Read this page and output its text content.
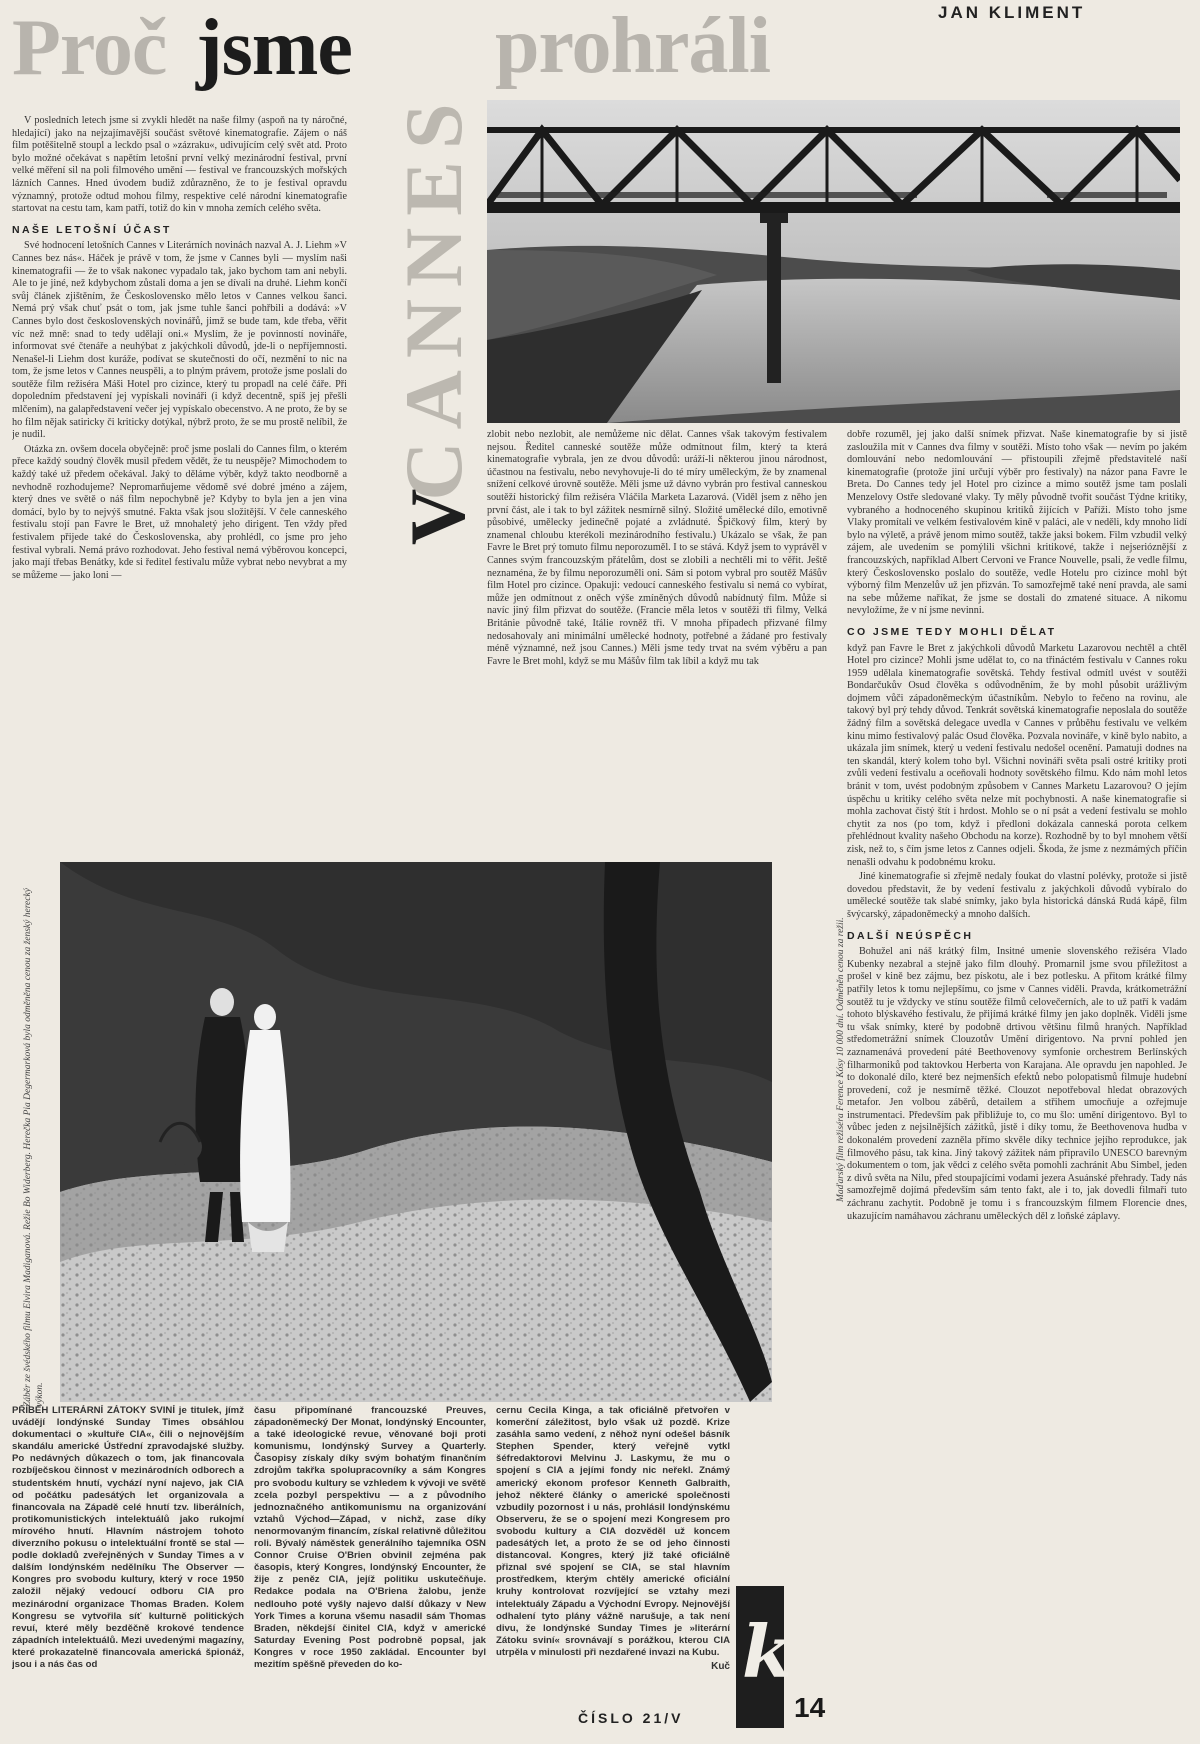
JAN KLIMENT
Proč jsme prohráli
CANNES
V

V posledních letech jsme si zvykli hledět na naše filmy (aspoň na ty náročné, hledající) jako na nejzajímavější součást světové kinematografie. Zájem o náš film potěšitelně stoupl a leckdo psal o »zázraku«, udivujícím celý svět atd. Proto bylo možné očekávat s napětím letošní první velký mezinárodní festival, první velké měření sil na poli filmového umění — festival ve francouzských mořských lázních Cannes. Hned úvodem budiž zdůrazněno, že to je festival opravdu významný, protože odtud mohou filmy, respektive celé národní kinematografie startovat na cestu tam, kam patří, totiž do kin v mnoha zemích celého světa.

NAŠE LETOŠNÍ ÚČAST

Své hodnocení letošních Cannes v Literárních novinách nazval A. J. Liehm »V Cannes bez nás«. Háček je právě v tom, že jsme v Cannes byli — myslím naši kinematografii — že to však nakonec vypadalo tak, jako bychom tam ani nebyli. Ale to je jiné, než kdybychom zůstali doma a jen se dívali na druhé. Liehm končí svůj článek zjištěním, že Československo mělo letos v Cannes velkou šanci. Nemá prý však chuť psát o tom, jak jsme tuhle šanci pohřbili a dodává: »V Cannes bylo dost československých novinářů, jimž se bude tam, kde třeba, věřit víc než mně: snad to tedy udělají oni.« Myslím, že je povinností novináře, informovat své čtenáře a neuhýbat z jakýchkoli důvodů, jde-li o nepříjemnosti. Nenašel-li Liehm dost kuráže, podívat se skutečnosti do očí, nezmění to nic na tom, že jsme letos v Cannes neuspěli, a to plným právem, protože jsme poslali do soutěže film režiséra Máši Hotel pro cizince, který tu propadl na celé čáře. Při dopoledním představení jej vypískali novináři (i když decentně, spíš jej přešli mlčením), na galapředstavení večer jej vypískalo obecenstvo. A ne proto, že by se ho film nějak satiricky či kriticky dotýkal, nýbrž proto, že se mu prostě nelíbil, že je nudil.

Otázka zn. ovšem docela obyčejně: proč jsme poslali do Cannes film, o kterém přece každý soudný člověk musil předem vědět, že tu neuspěje? Mimochodem to každý také už předem očekával. Jaký to děláme výběr, když takto neodborně a nevhodně rozhodujeme? Nepromarňujeme vědomě své dobré jméno a zájem, který dnes ve světě o náš film nepochybně je? Kdyby to byla jen a jen vina domácí, bylo by to nejvýš smutné. Fakta však jsou složitější. V čele canneského festivalu stojí pan Favre le Bret, už mnohaletý jeho dirigent. Ten vždy před festivalem přijede také do Československa, aby prohlédl, co jsme pro jeho festival vybrali. Nemá právo rozhodovat. Jeho festival nemá výběrovou koncepci, jako mají třebas Benátky, kde si ředitel festivalu může vybrat nebo nevybrat a my se můžeme — jako loni —

zlobit nebo nezlobit, ale nemůžeme nic dělat. Cannes však takovým festivalem nejsou. Ředitel canneské soutěže může odmítnout film, který ta která kinematografie vybrala, jen ze dvou důvodů: uráží-li některou jinou národnost, účastnou na festivalu, nebo nevyhovuje-li do té míry uměleckým, že by znamenal snížení celkové úrovně soutěže. Měli jsme už dávno vybrán pro festival canneskou soutěží historický film režiséra Vláčila Marketa Lazarová. (Viděl jsem z něho jen první část, ale i tak to byl zážitek nesmírně silný. Složité umělecké dílo, emotivně působivé, umělecky jedinečně pojaté a zvládnuté. Špičkový film, který by znamenal chloubu kterékoli mezinárodního festivalu.) Ukázalo se však, že pan Favre le Bret prý tomuto filmu neporozuměl. I to se stává. Když jsem to vyprávěl v Cannes svým francouzským přátelům, dost se zlobili a nechtěli mi to věřit. Ještě neznaména, že by filmu neporozuměli oni. Sám si potom vybral pro soutěž Mášův film Hotel pro cizince. Opakuji: vedoucí canneského festivalu si nemá co vybírat, může jen odmítnout z oněch výše zmíněných důvodů nabídnutý film. Může si navíc jiný film přizvat do soutěže. (Francie měla letos v soutěži tři filmy, Velká Británie původně také, Itálie rovněž tři. V mnoha případech přizvané filmy nedosahovaly ani minimální umělecké hodnoty, potřebné a žádané pro festivaly méně významné, než jsou Cannes.) Měli jsme tedy trvat na svém výběru a pan Favre le Bret mohl, když se mu Mášův film tak líbil a když mu tak

Maďarský film režiséra Ference Kósy 10 000 dní. Odměněn cenou za režii.

dobře rozuměl, jej jako další snímek přizvat. Naše kinematografie by si jistě zasloužila mít v Cannes dva filmy v soutěži. Místo toho však — nevím po jakém domlouvání nebo nedomlouvání — přistoupili zřejmě představitelé naší kinematografie (protože jiní určují výběr pro festivaly) na názor pana Favre le Breta. Do Cannes tedy jel Hotel pro cizince a mimo soutěž jsme tam poslali Menzelovy Ostře sledované vlaky. Ty měly původně tvořit součást Týdne kritiky, vybraného a hodnoceného skupinou kritiků žijících v Paříži. Místo toho jsme Vlaky promítali ve velkém festivalovém kině v paláci, ale v neděli, kdy mnoho lidí bylo na výletě, a právě jenom mimo soutěž, takže jaksi bokem. Film vzbudil velký zájem, ale uvedením se pomýlili všichni kritikové, takže i nejserióznější z francouzských, například Albert Cervoni ve France Nouvelle, psali, že vedle filmu, který Československo poslalo do soutěže, vedle Hotelu pro cizince mohl být výborný film Menzelův už jen přizván. To samozřejmě také není pravda, ale sami na sebe můžeme naříkat, že jsme se dostali do zmatené situace. A nikomu nevyložíme, že v ní jsme nevinni.

CO JSME TEDY MOHLI DĚLAT

když pan Favre le Bret z jakýchkoli důvodů Marketu Lazarovou nechtěl a chtěl Hotel pro cizince? Mohli jsme udělat to, co na třináctém festivalu v Cannes roku 1959 udělala kinematografie sovětská. Tehdy festival odmítl uvést v soutěži Bondarčukův Osud člověka s odůvodněním, že by mohl působit urážlivým dojmem vůči západoněmeckým účastníkům. Nebylo to řečeno na rovinu, ale takový byl prý tehdy důvod. Tenkrát sovětská kinematografie neposlala do soutěže žádný film a sovětská delegace uvedla v Cannes v průběhu festivalu ve velkém kinu mimo festivalový palác Osud člověka. Pozvala novináře, v kině bylo nabito, a ukázala jim snímek, který u vedení festivalu nedošel ocenění. Pamatuji dodnes na ten skandál, který kolem toho byl. Všichni novináři světa psali ostré kritiky proti zvůli vedení festivalu a oceňovali hodnoty sovětského filmu. Kdo nám mohl letos bránit v tom, uvést podobným způsobem v Cannes Marketu Lazarovou? O jejím úspěchu u kritiky celého světa nelze mít pochybnosti. A naše kinematografie si mohla zachovat čistý štít i hrdost. Mohlo se o ní psát a vedení festivalu se mohlo chytit za nos (po tom, když i předloni dokázala canneská porota celkem přehlédnout kvality našeho Obchodu na korze). Rozhodně by to byl mnohem větší zisk, než to, s čím jsme letos z Cannes odjeli. Škoda, že jsme z nezmámých příčin nenašli odvahu k podobnému kroku.

Jiné kinematografie si zřejmě nedaly foukat do vlastní polévky, protože si jistě dovedou představit, že by vedení festivalu z jakýchkoli důvodů vybíralo do umělecké soutěže tak slabé snímky, jako byla historická dánská Rudá kápě, film švýcarský, západoněmecký a mnoho dalších.

DALŠÍ NEÚSPĚCH

Bohužel ani náš krátký film, Insitné umenie slovenského režiséra Vlado Kubenky nezabral a stejně jako film dlouhý. Promarnil jsme svou příležitost a prošel v kině bez zájmu, bez pískotu, ale i bez potlesku. A přitom krátké filmy patřily letos k tomu nejlepšímu, co jsme v Cannes viděli. Pravda, krátkometrážní soutěž tu je vždycky ve stínu soutěže filmů celovečerních, ale to už patří k vadám tohoto blýskavého festivalu, že přijímá krátké filmy jen jako doplněk. Viděli jsme tu však snímky, které by podobně drtivou většinu filmů hraných. Například středometrážní snímek Clouzotův Umění dirigentovo. Na první pohled jen zaznamenává provedení páté Beethovenovy symfonie orchestrem Berlínských filharmoniků pod taktovkou Herberta von Karajana. Ale opravdu jen napohled. Je to dokonalé dílo, které bez nejmenších efektů nebo polopatismů filmuje hudební provedení, což je nesmírně těžké. Clouzot nepotřeboval hledat obrazových metafor. Jen volbou záběrů, detailem a střihem umocňuje a ozřejmuje instrumentaci. Především pak přibližuje to, co mu šlo: umění dirigentovo. Byl to vůbec jeden z nejsilnějších zážitků, jistě i díky tomu, že Beethovenova hudba v dokonalém provedení zazněla přímo skvěle díky technice jejího reprodukce, jak filmového pásu, tak kina. Jiný takový zážitek nám připravilo UNESCO barevným dokumentem o tom, jak vědci z celého světa pomohli zachránit Abu Simbel, jeden z divů světa na Nilu, před stoupajícími vodami jezera Asuánské přehrady. Tady nás samozřejmě dojímá především sám tento fakt, ale i to, jak dovedli filmaři tuto záchranu zachytit. Podobně je tomu i s francouzským filmem Florencie dnes, ukazujícím namáhavou záchranu uměleckých děl z loňské záplavy.

Záběr ze švédského filmu Elvira Madiganová. Režie Bo Widerberg. Herečka Pia Degermarková byla odměněna cenou za ženský herecký výkon.

PŘÍBĚH LITERÁRNÍ ZÁTOKY SVINÍ je titulek, jímž uvádějí londýnské Sunday Times obsáhlou dokumentaci o »kultuře CIA«, čili o nejnovějším skandálu americké Ústřední zpravodajské služby. Po nedávných důkazech o tom, jak financovala rozbíječskou činnost v mezinárodních odborech a studentském hnutí, vychází nyní najevo, jak CIA od počátku padesátých let organizovala a financovala na Západě celé hnutí tzv. liberálních, protikomunistických intelektuálů jako rukojmí mírového hnutí. Hlavním nástrojem tohoto diverzního pokusu o intelektuální frontě se stal — podle dokladů zveřejněných v Sunday Times a v dalším londýnském nedělníku The Observer — Kongres pro svobodu kultury, který v roce 1950 založil nějaký vedoucí odboru CIA pro mezinárodní organizace Thomas Braden. Kolem Kongresu se vytvořila síť kulturně politických revuí, které měly bezděčně krokové tendence západních intelektuálů. Mezi uvedenými magazíny, které prokazatelně financovala americká špionáž, jsou i a nás čas od

času připomínané francouzské Preuves, západoněmecký Der Monat, londýnský Encounter, a také ideologické revue, věnované boji proti komunismu, londýnský Survey a Quarterly. Časopisy získaly díky svým bohatým finančním zdrojům takřka spolupracovníky a sám Kongres pro svobodu kultury se vzhledem k vývoji ve světě zcela pozbyl perspektivu — a z původního jednoznačného antikomunismu na organizování vztahů Východ—Západ, v nichž, zase díky nenormovaným financím, získal relativně důležitou roli. Bývalý náměstek generálního tajemníka OSN Connor Cruise O'Brien obvinil zejména pak časopis, který Kongres, londýnský Encounter, že žije z peněz CIA, jejíž politiku uskutečňuje. Redakce podala na O'Briena žalobu, jenže nedlouho poté vyšly najevo další důkazy v New York Times a koruna všemu nasadil sám Thomas Braden, někdejší činitel CIA, když v americké Saturday Evening Post podrobně popsal, jak Kongres v roce 1950 zakládal. Encounter byl mezitím spěšně převeden do ko-

cernu Cecila Kinga, a tak oficiálně přetvořen v komerční záležitost, bylo však už pozdě. Krize zasáhla samo vedení, z něhož nyní odešel básník Stephen Spender, který veřejně vytkl šéfredaktorovi Melvinu J. Laskymu, že mu o spojení s CIA a jejími fondy nic neřekl. Známý americký ekonom profesor Kenneth Galbraith, jehož některé články o americké společnosti vzbudily pozornost i u nás, prohlásil londýnskému Observeru, že se o spojení mezi Kongresem pro svobodu kultury a CIA dozvěděl už koncem padesátých let, a proto že se od jeho činnosti distancoval. Kongres, který již také oficiálně přiznal své spojení se CIA, se stal hlavním prostředkem, kterým chtěly americké oficiální kruhy kontrolovat rozvíjející se vztahy mezi intelektuály Západu a Východní Evropy. Nejnovější odhalení tyto plány vážně narušuje, a tak není divu, že londýnské Sunday Times je »literární Zátoku sviní« srovnávají s porážkou, kterou CIA utrpěla v minulosti při nezdařené invazi na Kubu.

Kuč k
ČÍSLO 21/V	14
